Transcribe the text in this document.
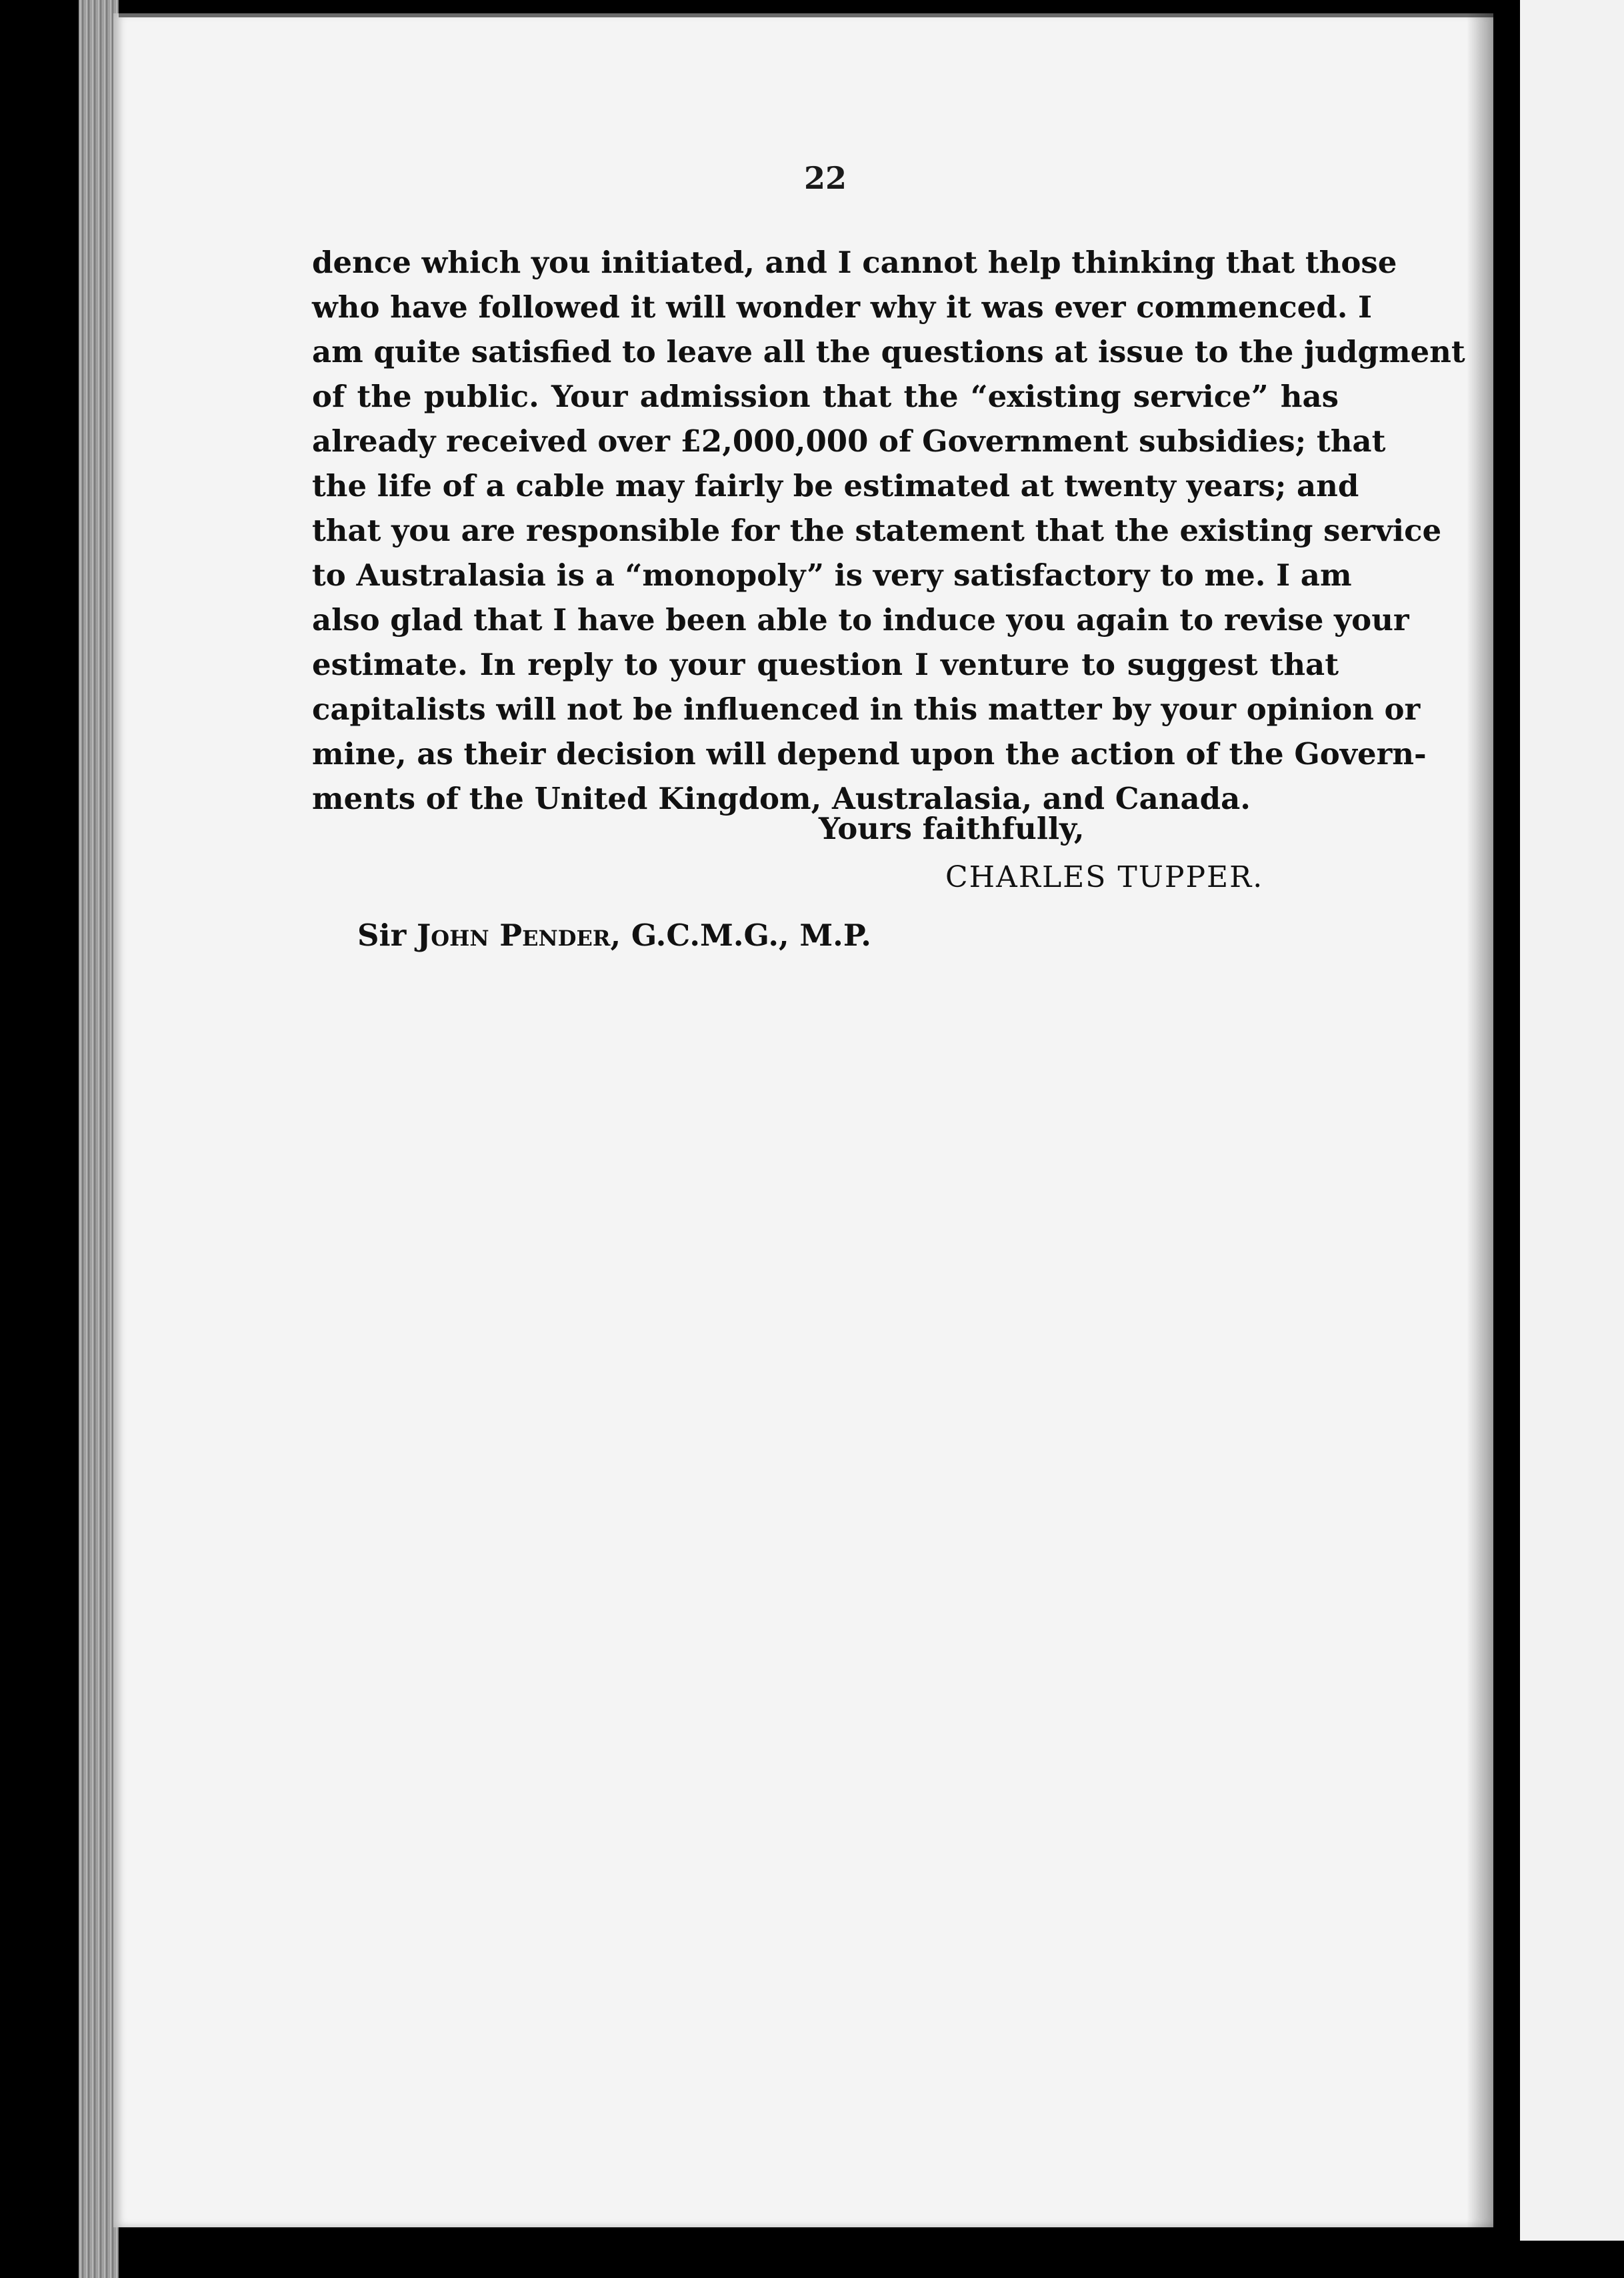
22
dence which you initiated, and I cannot help thinking that those
who have followed it will wonder why it was ever commenced. I
am quite satisfied to leave all the questions at issue to the judgment
of the public. Your admission that the “existing service” has
already received over £2,000,000 of Government subsidies; that
the life of a cable may fairly be estimated at twenty years; and
that you are responsible for the statement that the existing service
to Australasia is a “monopoly” is very satisfactory to me. I am
also glad that I have been able to induce you again to revise your
estimate. In reply to your question I venture to suggest that
capitalists will not be influenced in this matter by your opinion or
mine, as their decision will depend upon the action of the Govern-
ments of the United Kingdom, Australasia, and Canada.
Yours faithfully,
CHARLES TUPPER.
Sir John Pender, G.C.M.G., M.P.
